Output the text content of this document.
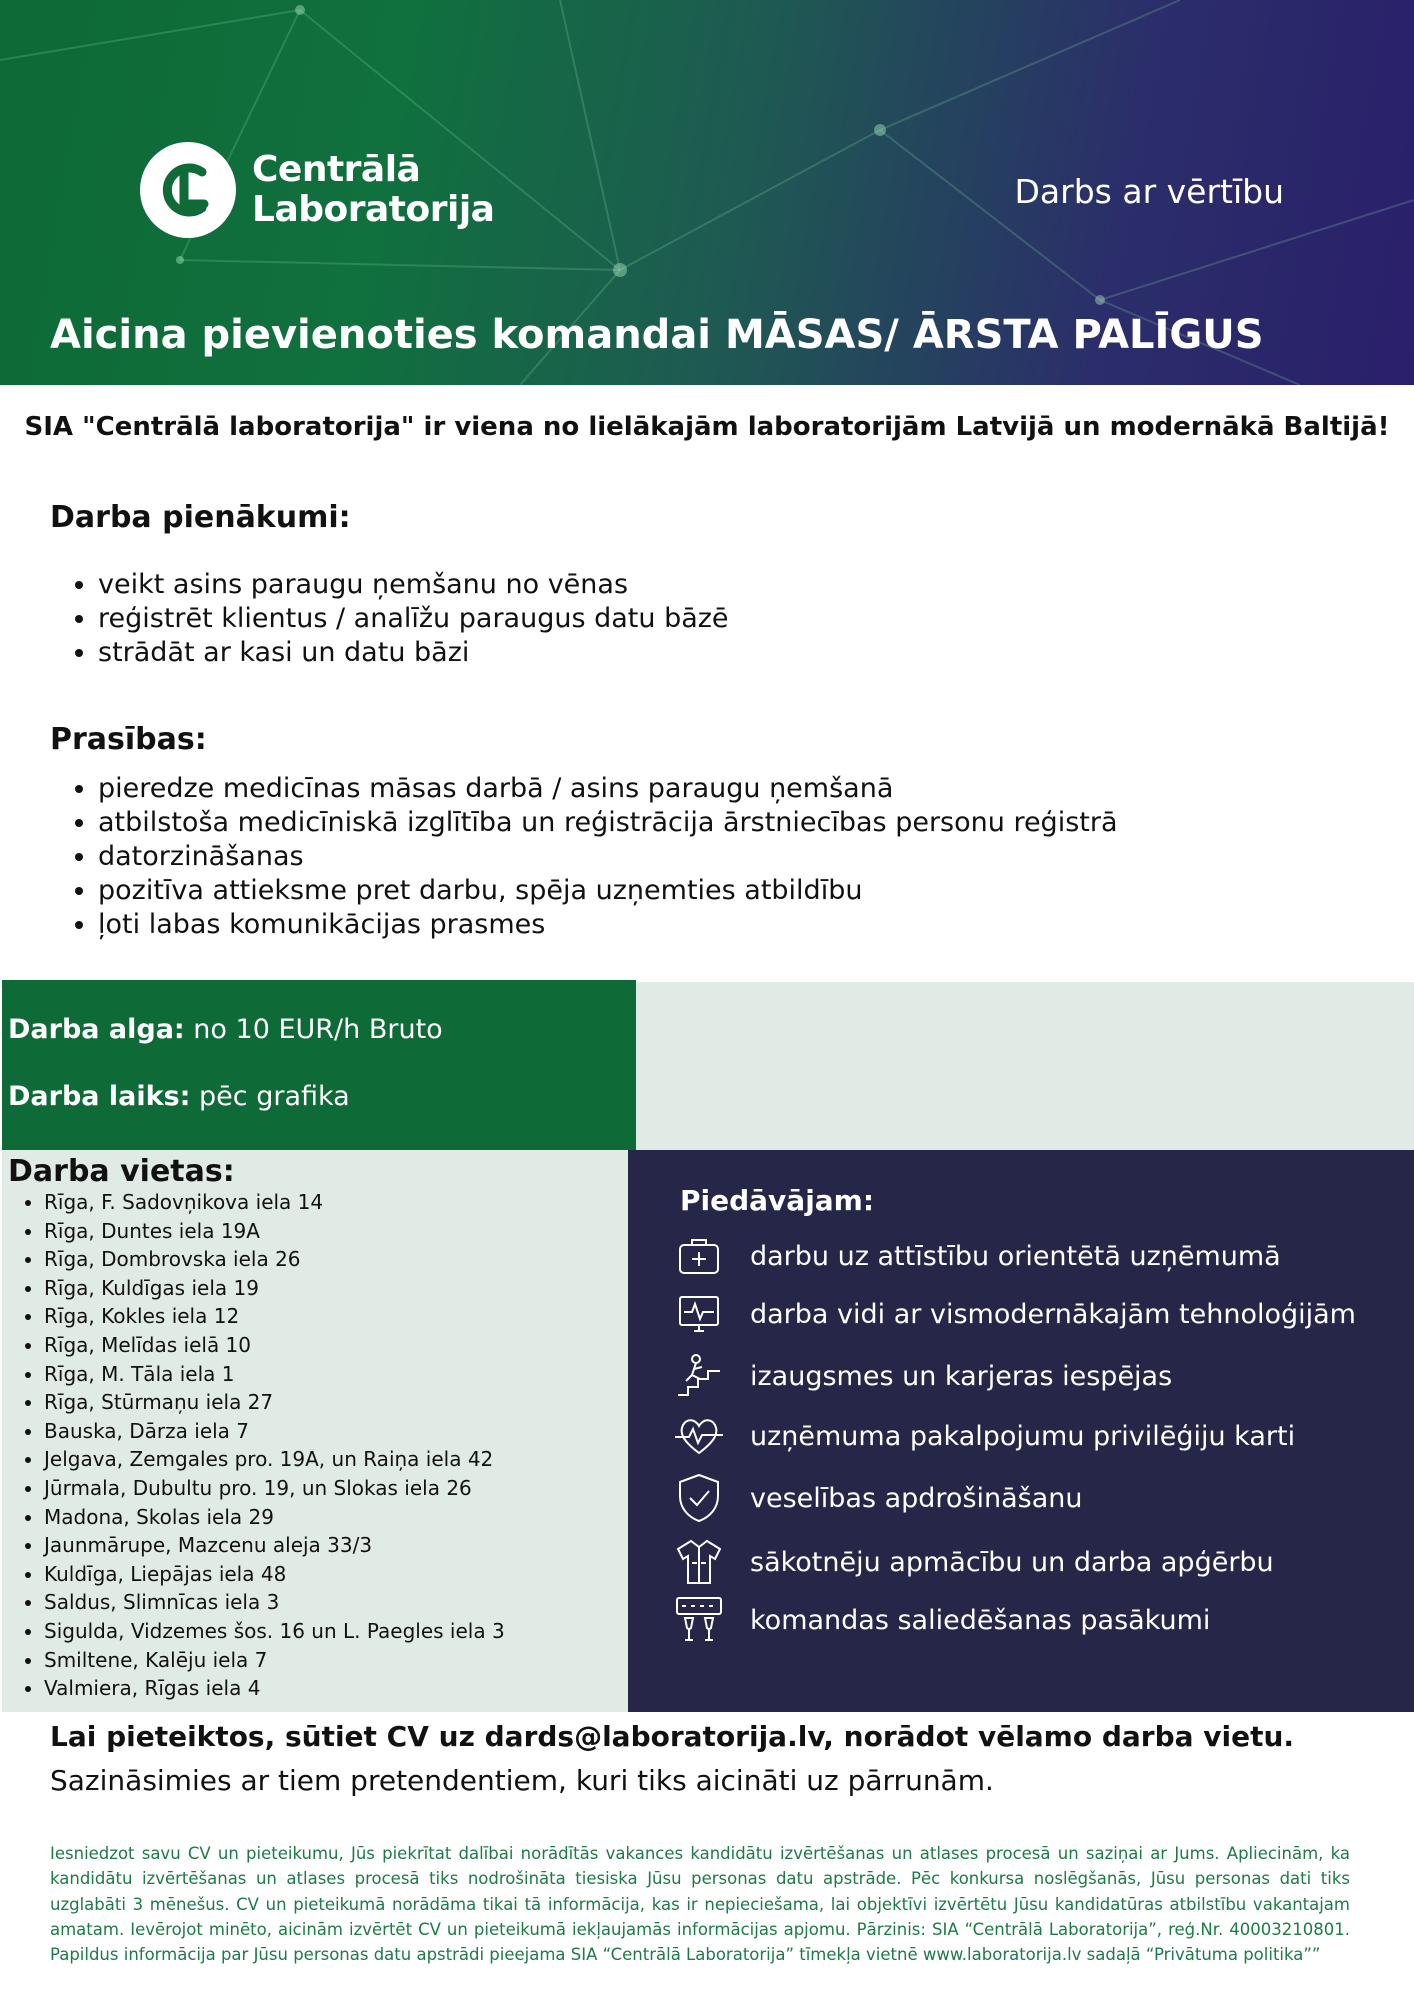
Centrālā
Laboratorija	Darbs ar vērtību
Aicina pievienoties komandai MĀSAS/ ĀRSTA PALĪGUS
SIA "Centrālā laboratorija" ir viena no lielākajām laboratorijām Latvijā un modernākā Baltijā!
Darba pienākumi:
• veikt asins paraugu ņemšanu no vēnas
• reģistrēt klientus / analīžu paraugus datu bāzē
• strādāt ar kasi un datu bāzi
Prasības:
• pieredze medicīnas māsas darbā / asins paraugu ņemšanā
• atbilstoša medicīniskā izglītība un reģistrācija ārstniecības personu reģistrā
• datorzināšanas
• pozitīva attieksme pret darbu, spēja uzņemties atbildību
• ļoti labas komunikācijas prasmes
Darba alga: no 10 EUR/h Bruto
Darba laiks: pēc grafika
Darba vietas:
• Rīga, F. Sadovņikova iela 14
• Rīga, Duntes iela 19A
• Rīga, Dombrovska iela 26
• Rīga, Kuldīgas iela 19
• Rīga, Kokles iela 12
• Rīga, Melīdas ielā 10
• Rīga, M. Tāla iela 1
• Rīga, Stūrmaņu iela 27
• Bauska, Dārza iela 7
• Jelgava, Zemgales pro. 19A, un Raiņa iela 42
• Jūrmala, Dubultu pro. 19, un Slokas iela 26
• Madona, Skolas iela 29
• Jaunmārupe, Mazcenu aleja 33/3
• Kuldīga, Liepājas iela 48
• Saldus, Slimnīcas iela 3
• Sigulda, Vidzemes šos. 16 un L. Paegles iela 3
• Smiltene, Kalēju iela 7
• Valmiera, Rīgas iela 4
Piedāvājam:
darbu uz attīstību orientētā uzņēmumā
darba vidi ar vismodernākajām tehnoloģijām
izaugsmes un karjeras iespējas
uzņēmuma pakalpojumu privilēģiju karti
veselības apdrošināšanu
sākotnēju apmācību un darba apģērbu
komandas saliedēšanas pasākumi
Lai pieteiktos, sūtiet CV uz dards@laboratorija.lv, norādot vēlamo darba vietu.
Sazināsimies ar tiem pretendentiem, kuri tiks aicināti uz pārrunām.
Iesniedzot savu CV un pieteikumu, Jūs piekrītat dalībai norādītās vakances kandidātu izvērtēšanas un atlases procesā un saziņai ar Jums. Apliecinām, ka kandidātu izvērtēšanas un atlases procesā tiks nodrošināta tiesiska Jūsu personas datu apstrāde. Pēc konkursa noslēgšanās, Jūsu personas dati tiks uzglabāti 3 mēnešus. CV un pieteikumā norādāma tikai tā informācija, kas ir nepieciešama, lai objektīvi izvērtētu Jūsu kandidatūras atbilstību vakantajam amatam. Ievērojot minēto, aicinām izvērtēt CV un pieteikumā iekļaujamās informācijas apjomu. Pārzinis: SIA “Centrālā Laboratorija”, reģ.Nr. 40003210801. Papildus informācija par Jūsu personas datu apstrādi pieejama SIA “Centrālā Laboratorija” tīmekļa vietnē www.laboratorija.lv sadaļā “Privātuma politika””
